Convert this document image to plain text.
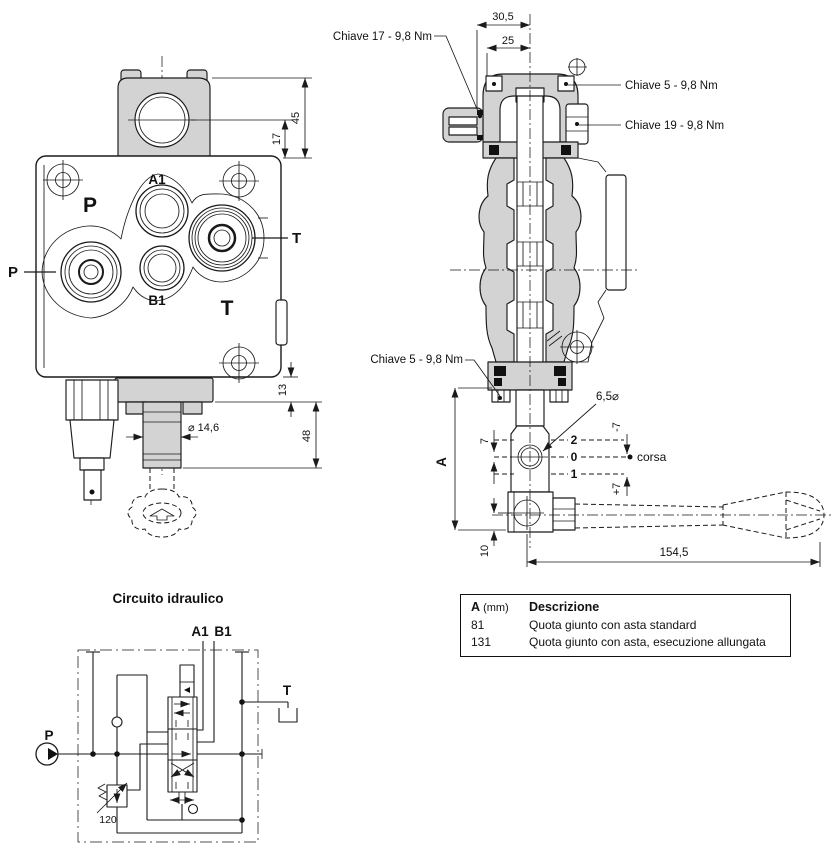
45
17
13
48
⌀ 14,6
P
A1
B1	T
P
T
30,5
25
2
0
1
corsa
-7
+7
7
A
10	154,5
Chiave 17 - 9,8 Nm
Chiave 5 - 9,8 Nm
Chiave 19 - 9,8 Nm
Chiave 5 - 9,8 Nm
6,5⌀
Circuito idraulico
P
T
120
A1 B1
A (mm)	Descrizione
81	Quota giunto con asta standard
131	Quota giunto con asta, esecuzione allungata
